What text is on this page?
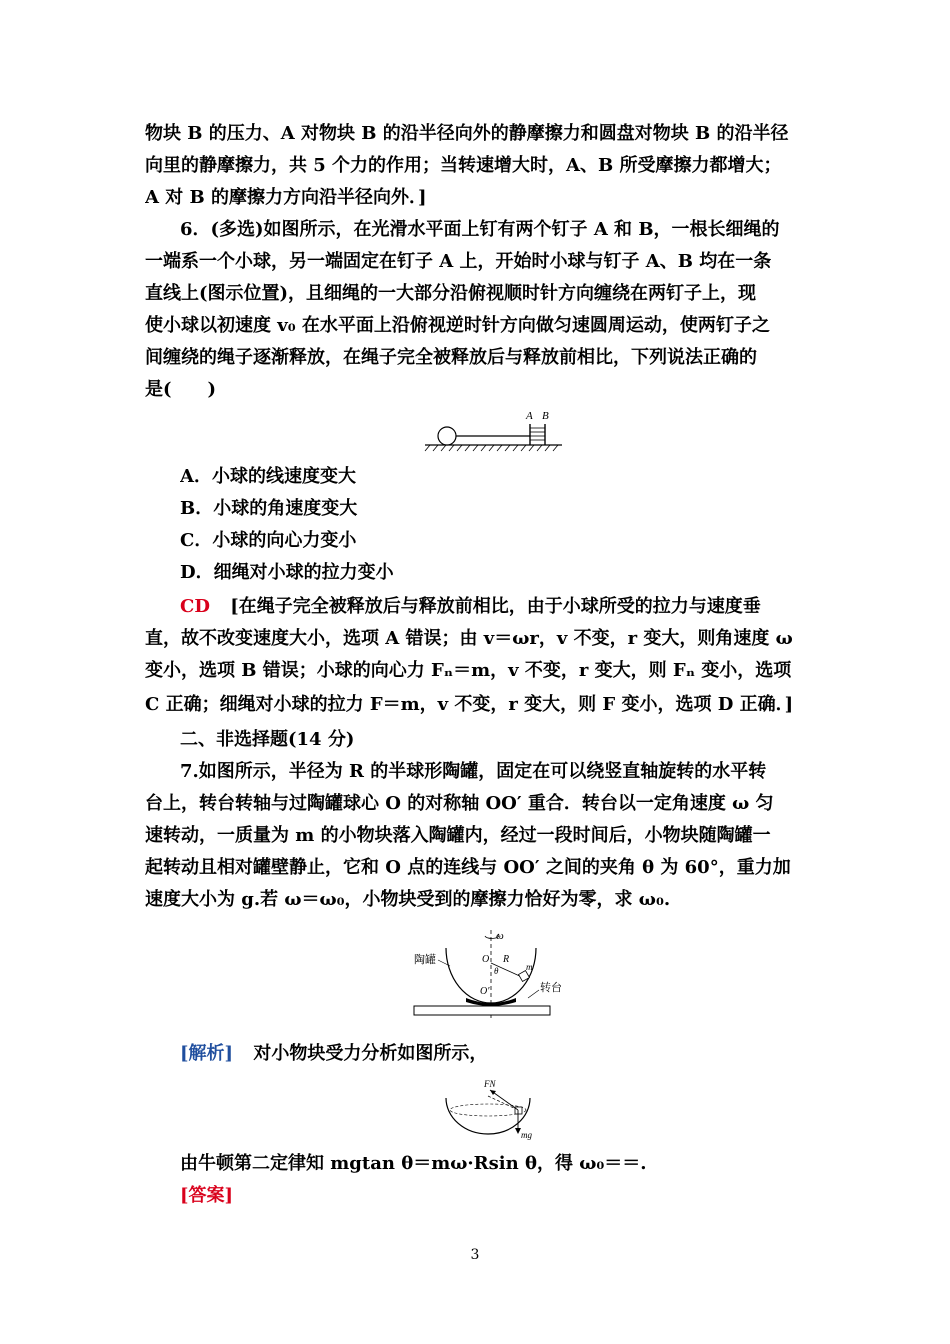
物块 B 的压力、A 对物块 B 的沿半径向外的静摩擦力和圆盘对物块 B 的沿半径
向里的静摩擦力，共 5 个力的作用；当转速增大时，A、B 所受摩擦力都增大；
A 对 B 的摩擦力方向沿半径向外．]
6．(多选)如图所示，在光滑水平面上钉有两个钉子 A 和 B，一根长细绳的
一端系一个小球，另一端固定在钉子 A 上，开始时小球与钉子 A、B 均在一条
直线上(图示位置)，且细绳的一大部分沿俯视顺时针方向缠绕在两钉子上，现
使小球以初速度 v₀ 在水平面上沿俯视逆时针方向做匀速圆周运动，使两钉子之
间缠绕的绳子逐渐释放，在绳子完全被释放后与释放前相比，下列说法正确的
是(　　)
A B
A．小球的线速度变大
B．小球的角速度变大
C．小球的向心力变小
D．细绳对小球的拉力变小
CD [在绳子完全被释放后与释放前相比，由于小球所受的拉力与速度垂
直，故不改变速度大小，选项 A 错误；由 v＝ωr，v 不变，r 变大，则角速度 ω
变小，选项 B 错误；小球的向心力 Fₙ＝m，v 不变，r 变大，则 Fₙ 变小，选项
C 正确；细绳对小球的拉力 F＝m，v 不变，r 变大，则 F 变小，选项 D 正确．]
二、非选择题(14 分)
7.如图所示，半径为 R 的半球形陶罐，固定在可以绕竖直轴旋转的水平转
台上，转台转轴与过陶罐球心 O 的对称轴 OO′ 重合．转台以一定角速度 ω 匀
速转动，一质量为 m 的小物块落入陶罐内，经过一段时间后，小物块随陶罐一
起转动且相对罐壁静止，它和 O 点的连线与 OO′ 之间的夹角 θ 为 60°，重力加
速度大小为 g.若 ω＝ω₀，小物块受到的摩擦力恰好为零，求 ω₀.
ω
陶罐	O R
θ	m
O′	转台
[解析] 对小物块受力分析如图所示，
FN
mg
由牛顿第二定律知 mgtan θ＝mω·Rsin θ，得 ω₀＝＝.
[答案]
3
